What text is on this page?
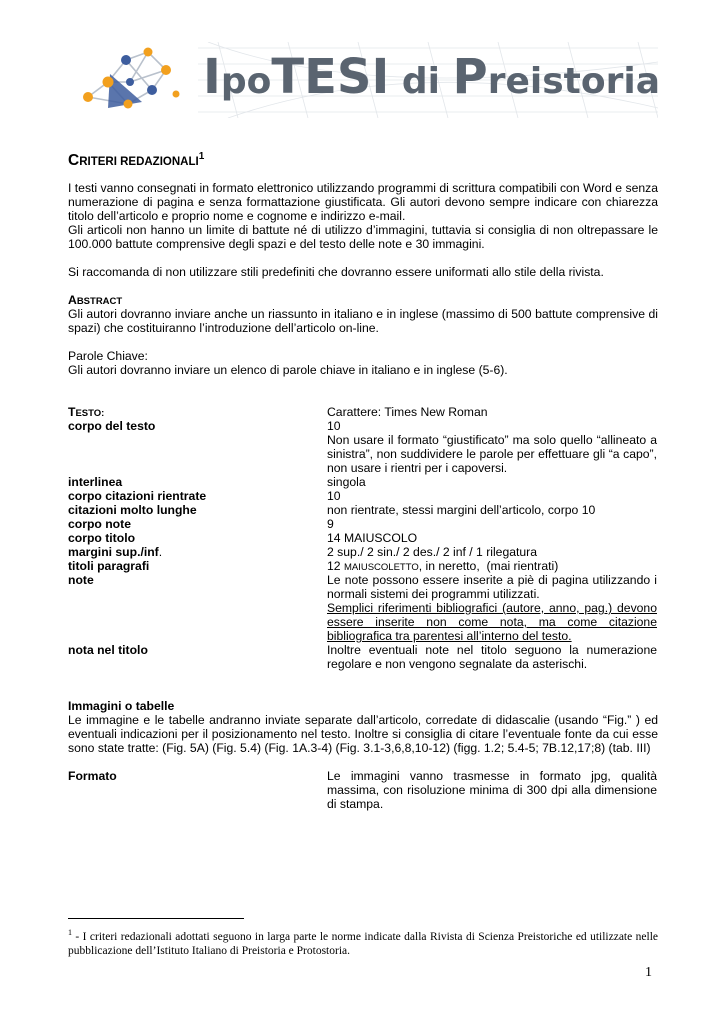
IpoTESI di Preistoria
CRITERI REDAZIONALI$^1$
I testi vanno consegnati in formato elettronico utilizzando programmi di scrittura compatibili con Word e senza numerazione di pagina e senza formattazione giustificata. Gli autori devono sempre indicare con chiarezza titolo dell’articolo e proprio nome e cognome e indirizzo e-mail.
Gli articoli non hanno un limite di battute né di utilizzo d’immagini, tuttavia si consiglia di non oltrepassare le 100.000 battute comprensive degli spazi e del testo delle note e 30 immagini.
Si raccomanda di non utilizzare stili predefiniti che dovranno essere uniformati allo stile della rivista.
ABSTRACT
Gli autori dovranno inviare anche un riassunto in italiano e in inglese (massimo di 500 battute comprensive di spazi) che costituiranno l’introduzione dell’articolo on-line.
Parole Chiave:
Gli autori dovranno inviare un elenco di parole chiave in italiano e in inglese (5-6).
TESTO:	Carattere: Times New Roman
corpo del testo	10
Non usare il formato “giustificato” ma solo quello “allineato a sinistra”, non suddividere le parole per effettuare gli “a capo”, non usare i rientri per i capoversi.
interlinea	singola
corpo citazioni rientrate	10
citazioni molto lunghe	non rientrate, stessi margini dell’articolo, corpo 10
corpo note	9
corpo titolo	14 MAIUSCOLO
margini sup./inf.	2 sup./ 2 sin./ 2 des./ 2 inf / 1 rilegatura
titoli paragrafi	12 MAIUSCOLETTO, in neretto,  (mai rientrati)
note	Le note possono essere inserite a piè di pagina utilizzando i normali sistemi dei programmi utilizzati.
Semplici riferimenti bibliografici (autore, anno, pag.) devono essere inserite non come nota, ma come citazione bibliografica tra parentesi all’interno del testo.
nota nel titolo	Inoltre eventuali note nel titolo seguono la numerazione regolare e non vengono segnalate da asterischi.
Immagini o tabelle
Le immagine e le tabelle andranno inviate separate dall’articolo, corredate di didascalie (usando “Fig.” ) ed eventuali indicazioni per il posizionamento nel testo. Inoltre si consiglia di citare l’eventuale fonte da cui esse sono state tratte: (Fig. 5A) (Fig. 5.4) (Fig. 1A.3-4) (Fig. 3.1-3,6,8,10-12) (figg. 1.2; 5.4-5; 7B.12,17;8) (tab. III)
Formato	Le immagini vanno trasmesse in formato jpg, qualità massima, con risoluzione minima di 300 dpi alla dimensione di stampa.
$^1$ - I criteri redazionali adottati seguono in larga parte le norme indicate dalla Rivista di Scienza Preistoriche ed utilizzate nelle pubblicazione dell’Istituto Italiano di Preistoria e Protostoria.
1
